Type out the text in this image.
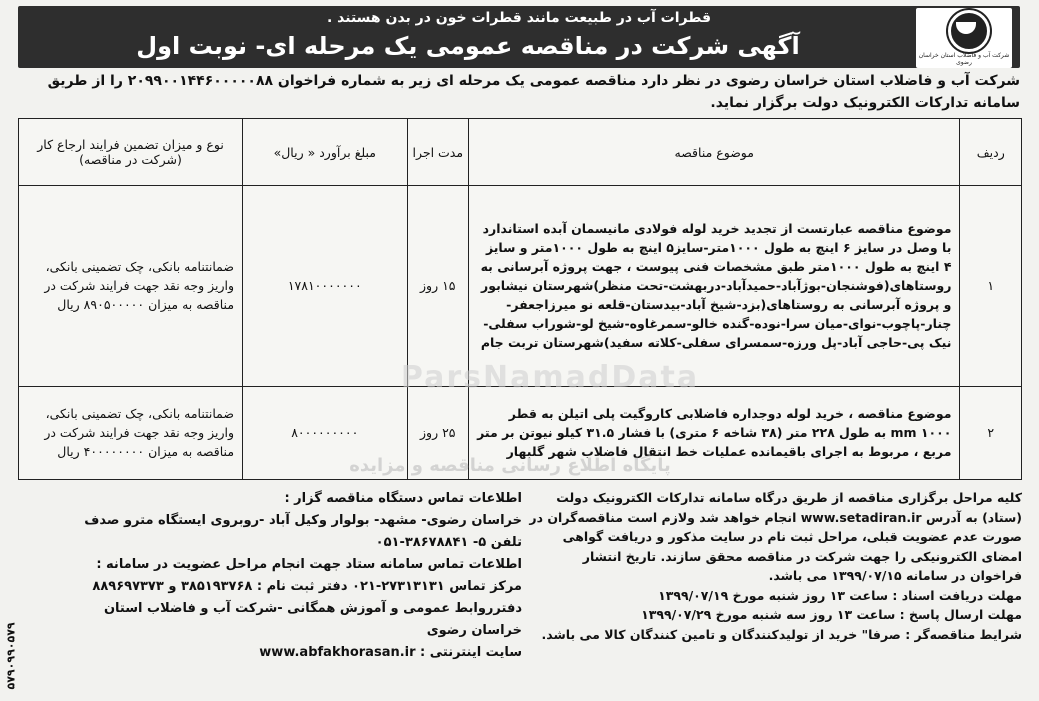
قطرات آب در طبیعت مانند قطرات خون در بدن هستند .
آگهی شرکت در مناقصه عمومی یک مرحله ای- نوبت اول	شرکت آب و فاضلاب استان خراسان رضوی
شرکت آب و فاضلاب استان خراسان رضوی در نظر دارد مناقصه عمومی یک مرحله ای زیر به شماره فراخوان ۲۰۹۹۰۰۱۴۴۶۰۰۰۰۰۸۸ را از طریق سامانه تدارکات الکترونیک دولت برگزار نماید.
ردیف	موضوع مناقصه	مدت اجرا	مبلغ برآورد « ریال»	نوع و میزان تضمین فرایند ارجاع کار (شرکت در مناقصه)
۱	موضوع مناقصه عبارتست از تجدید خرید لوله فولادی مانیسمان آبده استاندارد با وصل در سایز ۶ اینچ به طول ۱۰۰۰متر-سایز۵ اینچ به طول ۱۰۰۰متر و سایز ۴ اینچ به طول ۱۰۰۰متر طبق مشخصات فنی پیوست ، جهت پروژه آبرسانی به روستاهای(فوشنجان-بوژآباد-حمیدآباد-دربهشت-تحت منظر)شهرستان نیشابور و پروژه آبرسانی به روستاهای(بزد-شیخ آباد-بیدستان-قلعه نو میرزاجعفر-چنار-پاچوب-نوای-میان سرا-نوده-گنده خالو-سمرغاوه-شیخ لو-شوراب سفلی-نیک پی-حاجی آباد-پل ورزه-سمسرای سفلی-کلاته سفید)شهرستان تربت جام	۱۵ روز	۱۷۸۱۰۰۰۰۰۰۰	ضمانتنامه بانکی، چک تضمینی بانکی، واریز وجه نقد جهت فرایند شرکت در مناقصه به میزان ۸۹۰۵۰۰۰۰۰ ریال
۲	موضوع مناقصه ، خرید لوله دوجداره فاضلابی کاروگیت پلی اتیلن به قطر ۱۰۰۰ mm به طول ۲۲۸ متر (۳۸ شاخه ۶ متری) با فشار ۳۱.۵ کیلو نیوتن بر متر مربع ، مربوط به اجرای باقیمانده عملیات خط انتقال فاضلاب شهر گلبهار	۲۵ روز	۸۰۰۰۰۰۰۰۰۰	ضمانتنامه بانکی، چک تضمینی بانکی، واریز وجه نقد جهت فرایند شرکت در مناقصه به میزان ۴۰۰۰۰۰۰۰۰ ریال
ParsNamadData
پایگاه اطلاع رسانی مناقصه و مزایده
کلیه مراحل برگزاری مناقصه از طریق درگاه سامانه تدارکات الکترونیک دولت (ستاد) به آدرس www.setadiran.ir انجام خواهد شد ولازم است مناقصه‌گران در صورت عدم عضویت قبلی، مراحل ثبت نام در سایت مذکور و دریافت گواهی امضای الکترونیکی را جهت شرکت در مناقصه محقق سازند. تاریخ انتشار فراخوان در سامانه ۱۳۹۹/۰۷/۱۵ می باشد.
مهلت دریافت اسناد : ساعت ۱۳ روز شنبه مورخ ۱۳۹۹/۰۷/۱۹
مهلت ارسال پاسخ : ساعت ۱۳ روز سه شنبه مورخ ۱۳۹۹/۰۷/۲۹
شرایط مناقصه‌گر : صرفا" خرید از تولیدکنندگان و تامین کنندگان کالا می باشد.
اطلاعات تماس دستگاه مناقصه گزار :
خراسان رضوی- مشهد- بولوار وکیل آباد -روبروی ایستگاه مترو صدف
تلفن ۵- ۳۸۶۷۸۸۴۱-۰۵۱
اطلاعات تماس سامانه ستاد جهت انجام مراحل عضویت در سامانه :
مرکز تماس ۲۷۳۱۳۱۳۱-۰۲۱ دفتر ثبت نام : ۳۸۵۱۹۳۷۶۸ و ۸۸۹۶۹۷۳۷۳
دفترروابط عمومی و آموزش همگانی -شرکت آب و فاضلاب استان خراسان رضوی
سایت اینترنتی : www.abfakhorasan.ir
۵۷۹۰۹۹۰۵۷۹
